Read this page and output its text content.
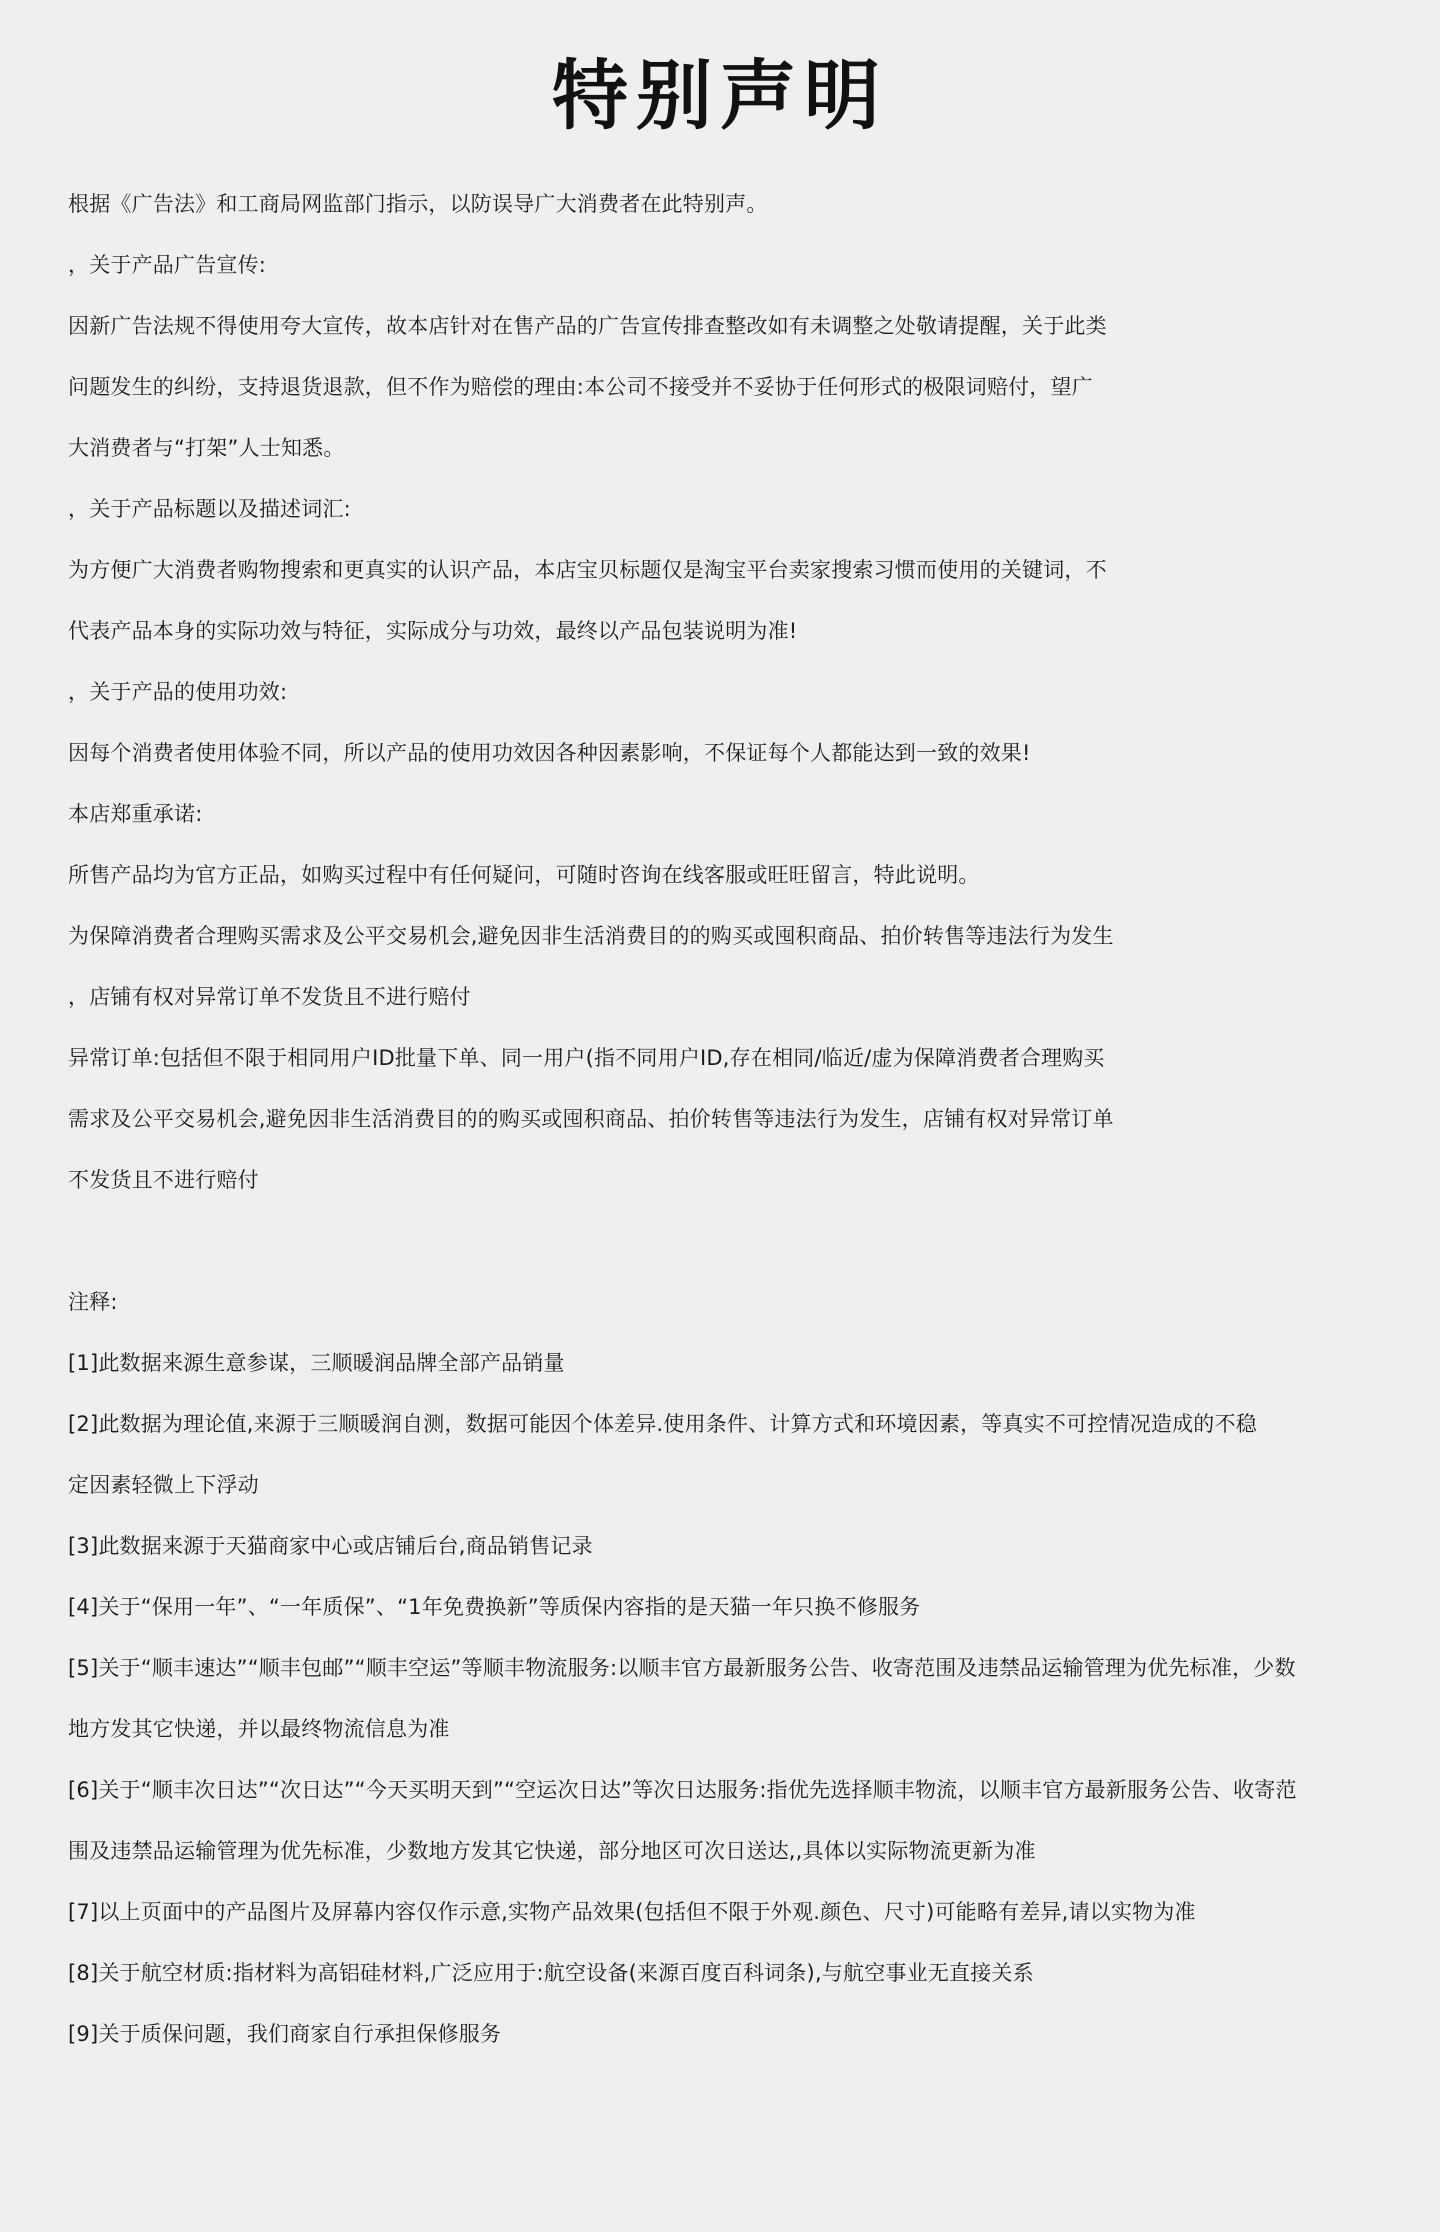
特别声明

根据《广告法》和工商局网监部门指示，以防误导广大消费者在此特别声。

，关于产品广告宣传:

因新广告法规不得使用夸大宣传，故本店针对在售产品的广告宣传排查整改如有未调整之处敬请提醒，关于此类

问题发生的纠纷，支持退货退款，但不作为赔偿的理由:本公司不接受并不妥协于任何形式的极限词赔付，望广

大消费者与“打架”人士知悉。

，关于产品标题以及描述词汇:

为方便广大消费者购物搜索和更真实的认识产品，本店宝贝标题仅是淘宝平台卖家搜索习惯而使用的关键词，不

代表产品本身的实际功效与特征，实际成分与功效，最终以产品包装说明为准!

，关于产品的使用功效:

因每个消费者使用体验不同，所以产品的使用功效因各种因素影响，不保证每个人都能达到一致的效果!

本店郑重承诺:

所售产品均为官方正品，如购买过程中有任何疑问，可随时咨询在线客服或旺旺留言，特此说明。

为保障消费者合理购买需求及公平交易机会,避免因非生活消费目的的购买或囤积商品、拍价转售等违法行为发生

，店铺有权对异常订单不发货且不进行赔付

异常订单:包括但不限于相同用户ID批量下单、同一用户(指不同用户ID,存在相同/临近/虚为保障消费者合理购买

需求及公平交易机会,避免因非生活消费目的的购买或囤积商品、拍价转售等违法行为发生，店铺有权对异常订单

不发货且不进行赔付

注释:

[1]此数据来源生意参谋，三顺暖润品牌全部产品销量

[2]此数据为理论值,来源于三顺暖润自测，数据可能因个体差异.使用条件、计算方式和环境因素，等真实不可控情况造成的不稳

定因素轻微上下浮动

[3]此数据来源于天猫商家中心或店铺后台,商品销售记录

[4]关于“保用一年”、“一年质保”、“1年免费换新”等质保内容指的是天猫一年只换不修服务

[5]关于“顺丰速达”“顺丰包邮”“顺丰空运”等顺丰物流服务:以顺丰官方最新服务公告、收寄范围及违禁品运输管理为优先标准，少数

地方发其它快递，并以最终物流信息为准

[6]关于“顺丰次日达”“次日达”“今天买明天到”“空运次日达”等次日达服务:指优先选择顺丰物流，以顺丰官方最新服务公告、收寄范

围及违禁品运输管理为优先标准，少数地方发其它快递，部分地区可次日送达,,具体以实际物流更新为准

[7]以上页面中的产品图片及屏幕内容仅作示意,实物产品效果(包括但不限于外观.颜色、尺寸)可能略有差异,请以实物为准

[8]关于航空材质:指材料为高铝硅材料,广泛应用于:航空设备(来源百度百科词条),与航空事业无直接关系

[9]关于质保问题，我们商家自行承担保修服务
